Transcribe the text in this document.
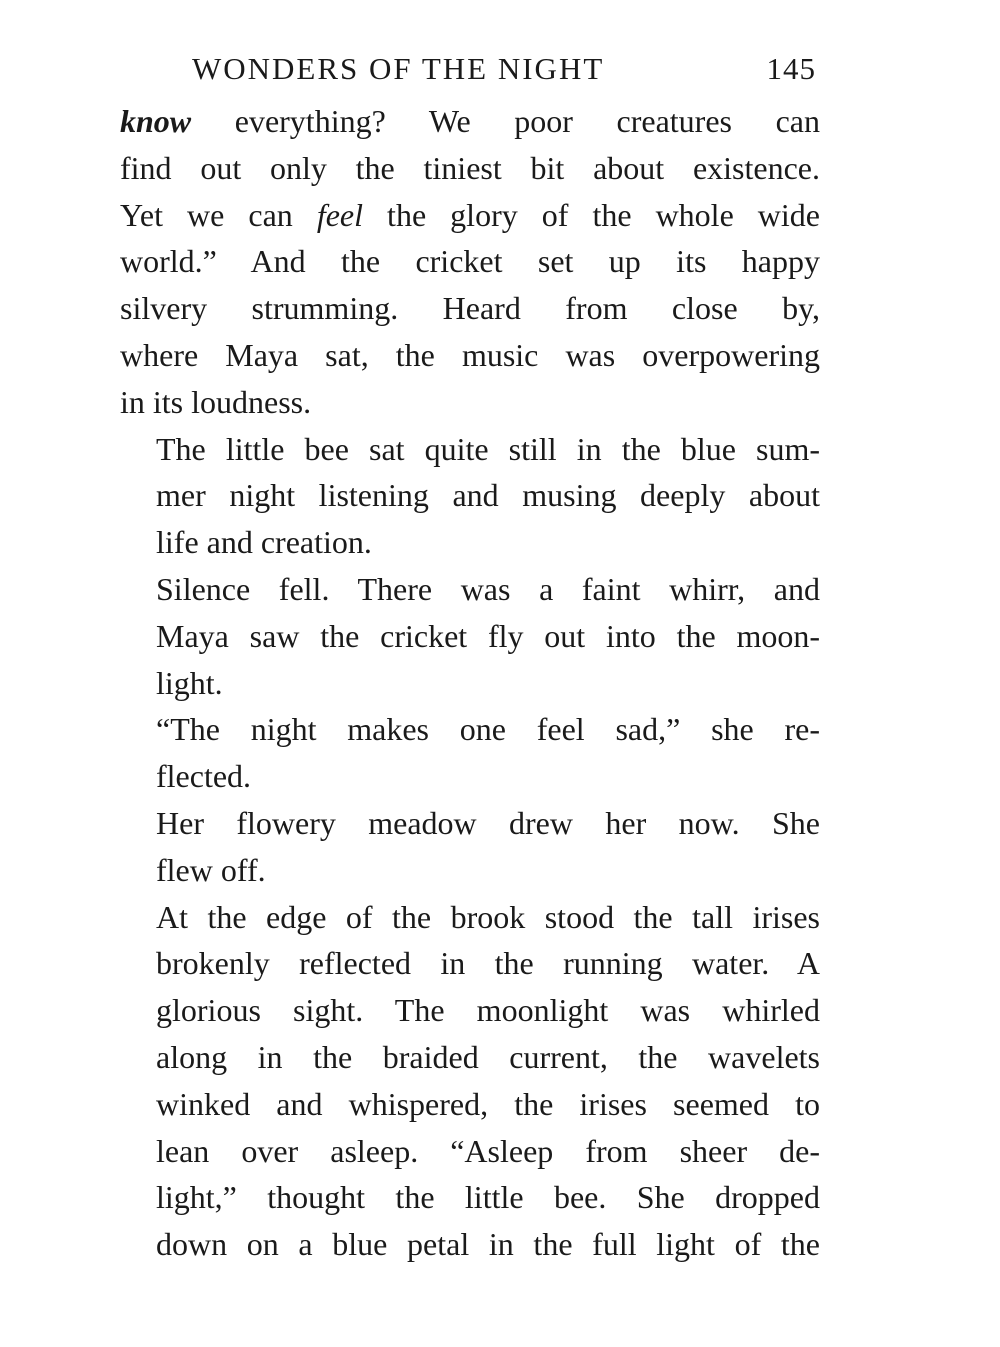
WONDERS OF THE NIGHT	145

know everything? We poor creatures can
find out only the tiniest bit about existence.
Yet we can feel the glory of the whole wide
world.” And the cricket set up its happy
silvery strumming. Heard from close by,
where Maya sat, the music was overpowering
in its loudness.

The little bee sat quite still in the blue sum-
mer night listening and musing deeply about
life and creation.

Silence fell. There was a faint whirr, and
Maya saw the cricket fly out into the moon-
light.

“The night makes one feel sad,” she re-
flected.

Her flowery meadow drew her now. She
flew off.

At the edge of the brook stood the tall irises
brokenly reflected in the running water. A
glorious sight. The moonlight was whirled
along in the braided current, the wavelets
winked and whispered, the irises seemed to
lean over asleep. “Asleep from sheer de-
light,” thought the little bee. She dropped
down on a blue petal in the full light of the
